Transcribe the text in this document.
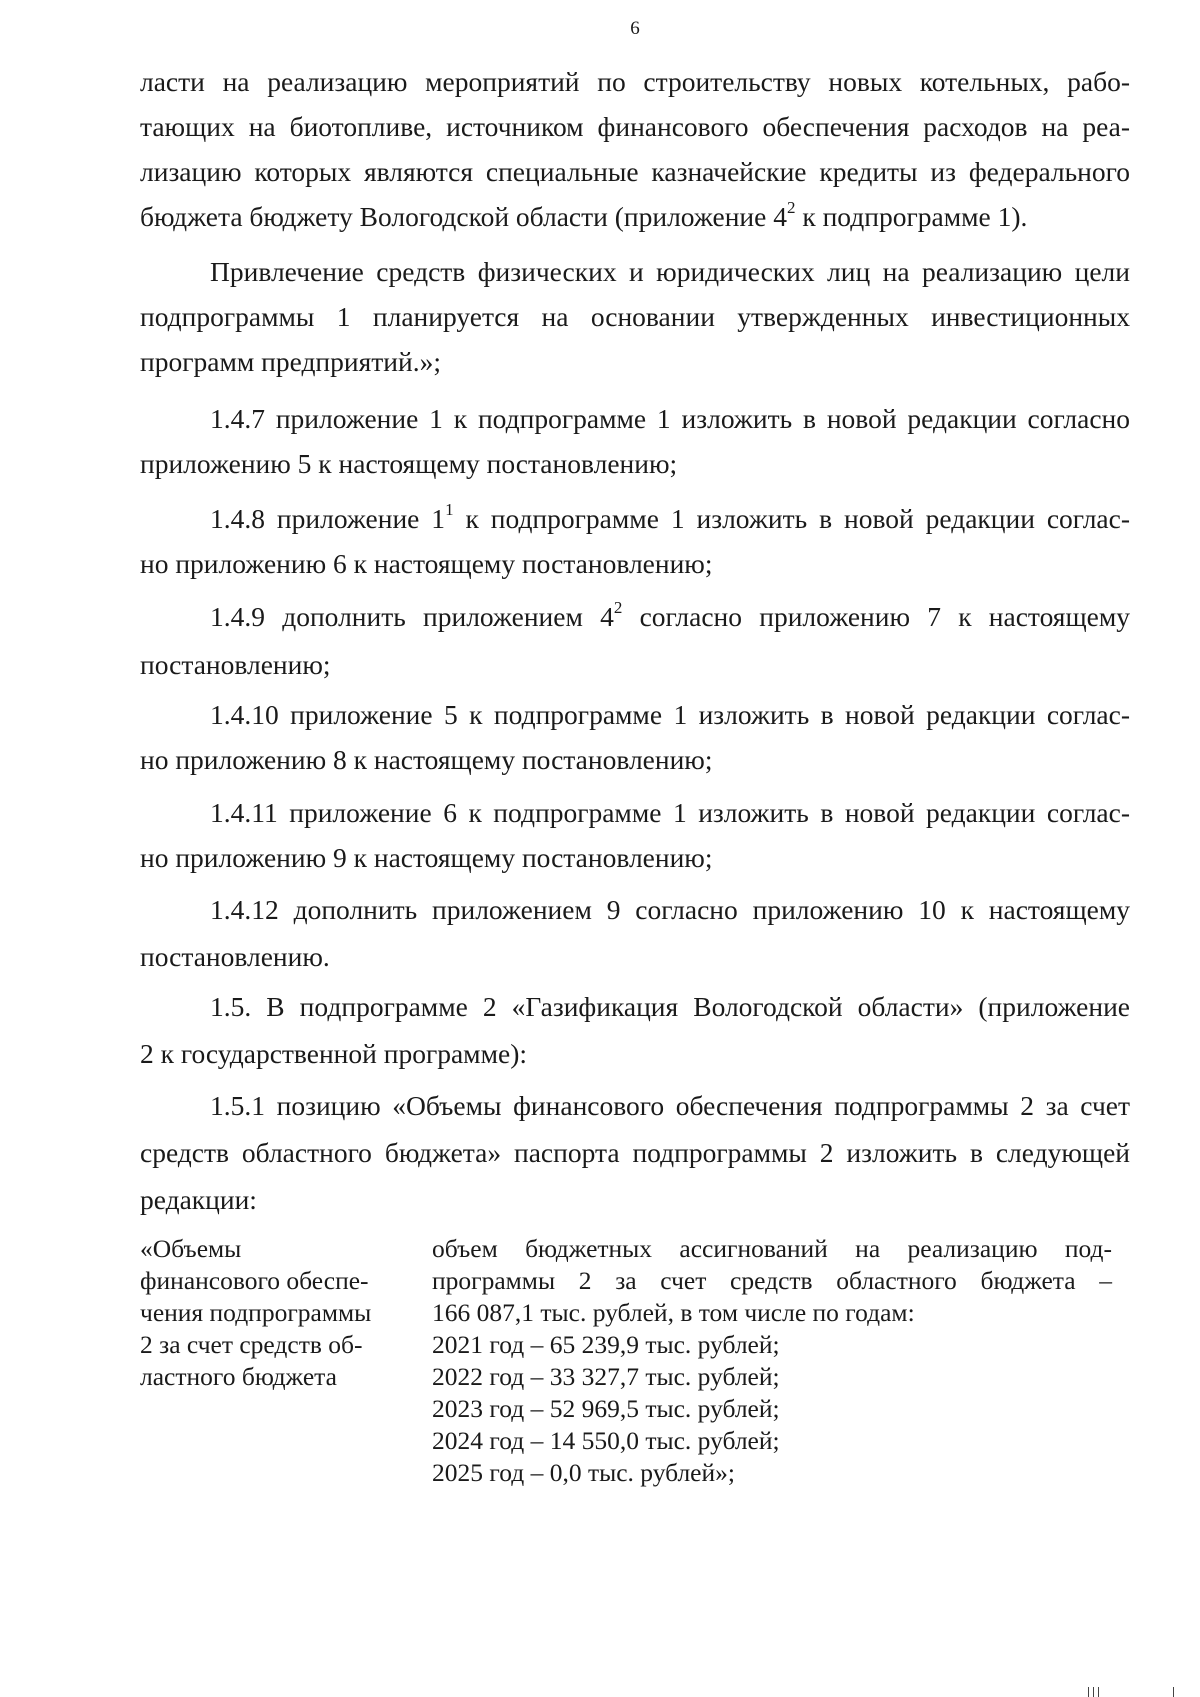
6
ласти на реализацию мероприятий по строительству новых котельных, рабо-
тающих на биотопливе, источником финансового обеспечения расходов на реа-
лизацию которых являются специальные казначейские кредиты из федерального
бюджета бюджету Вологодской области (приложение $4^2$ к подпрограмме 1).
Привлечение средств физических и юридических лиц на реализацию цели
подпрограммы 1 планируется на основании утвержденных инвестиционных
программ предприятий.»;
1.4.7 приложение 1 к подпрограмме 1 изложить в новой редакции согласно
приложению 5 к настоящему постановлению;
1.4.8 приложение $1^1$ к подпрограмме 1 изложить в новой редакции соглас-
но приложению 6 к настоящему постановлению;
1.4.9 дополнить приложением $4^2$ согласно приложению 7 к настоящему
постановлению;
1.4.10 приложение 5 к подпрограмме 1 изложить в новой редакции соглас-
но приложению 8 к настоящему постановлению;
1.4.11 приложение 6 к подпрограмме 1 изложить в новой редакции соглас-
но приложению 9 к настоящему постановлению;
1.4.12 дополнить приложением 9 согласно приложению 10 к настоящему
постановлению.
1.5. В подпрограмме 2 «Газификация Вологодской области» (приложение
2 к государственной программе):
1.5.1 позицию «Объемы финансового обеспечения подпрограммы 2 за счет
средств областного бюджета» паспорта подпрограммы 2 изложить в следующей
редакции:
«Объемы
финансового обеспе-
чения подпрограммы
2 за счет средств об-
ластного бюджета
объем бюджетных ассигнований на реализацию под-
программы 2 за счет средств областного бюджета –
166 087,1 тыс. рублей, в том числе по годам:
2021 год – 65 239,9 тыс. рублей;
2022 год – 33 327,7 тыс. рублей;
2023 год – 52 969,5 тыс. рублей;
2024 год – 14 550,0 тыс. рублей;
2025 год – 0,0 тыс. рублей»;
